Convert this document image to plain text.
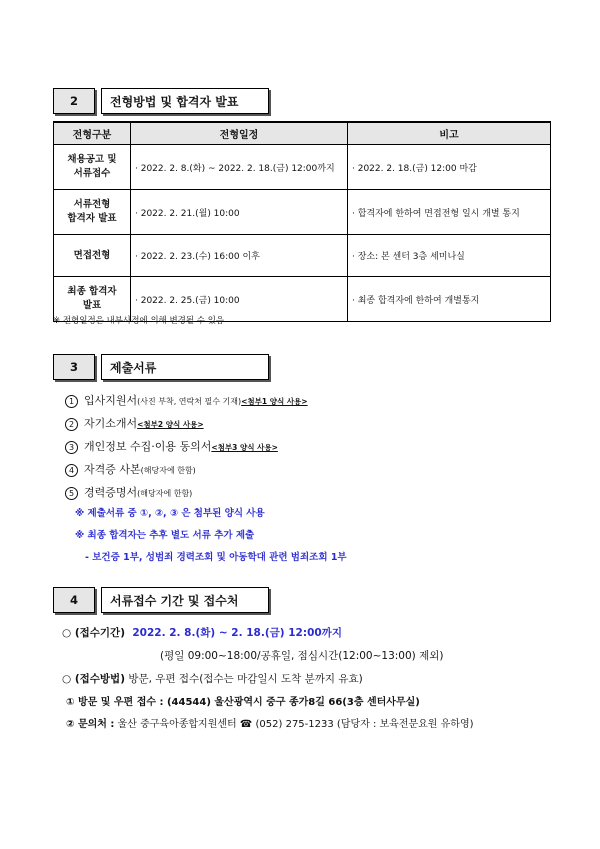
2	전형방법 및 합격자 발표
전형구분	전형일정	비고
채용공고 및
서류접수	· 2022. 2. 8.(화) ~ 2022. 2. 18.(금) 12:00까지	· 2022. 2. 18.(금) 12:00 마감
서류전형
합격자 발표	· 2022. 2. 21.(월) 10:00	· 합격자에 한하여 면접전형 일시 개별 통지
면접전형	· 2022. 2. 23.(수) 16:00 이후	· 장소: 본 센터 3층 세미나실
최종 합격자
발표	· 2022. 2. 25.(금) 10:00	· 최종 합격자에 한하여 개별통지
※ 전형일정은 내부사정에 의해 변경될 수 있음
3	제출서류
1 입사지원서 (사진 부착, 연락처 필수 기재) <첨부1 양식 사용>
2 자기소개서 <첨부2 양식 사용>
3 개인정보 수집·이용 동의서 <첨부3 양식 사용>
4 자격증 사본 (해당자에 한함)
5 경력증명서 (해당자에 한함)
※ 제출서류 중 ①, ②, ③ 은 첨부된 양식 사용
※ 최종 합격자는 추후 별도 서류 추가 제출
- 보건증 1부, 성범죄 경력조회 및 아동학대 관련 범죄조회 1부
4	서류접수 기간 및 접수처
○ (접수기간) 2022. 2. 8.(화) ~ 2. 18.(금) 12:00까지
(평일 09:00~18:00/공휴일, 점심시간(12:00~13:00) 제외)
○ (접수방법) 방문, 우편 접수(접수는 마감일시 도착 분까지 유효)
① 방문 및 우편 접수 : (44544) 울산광역시 중구 종가8길 66(3층 센터사무실)
② 문의처 : 울산 중구육아종합지원센터 ☎ (052) 275-1233 (담당자 : 보육전문요원 유하영)
